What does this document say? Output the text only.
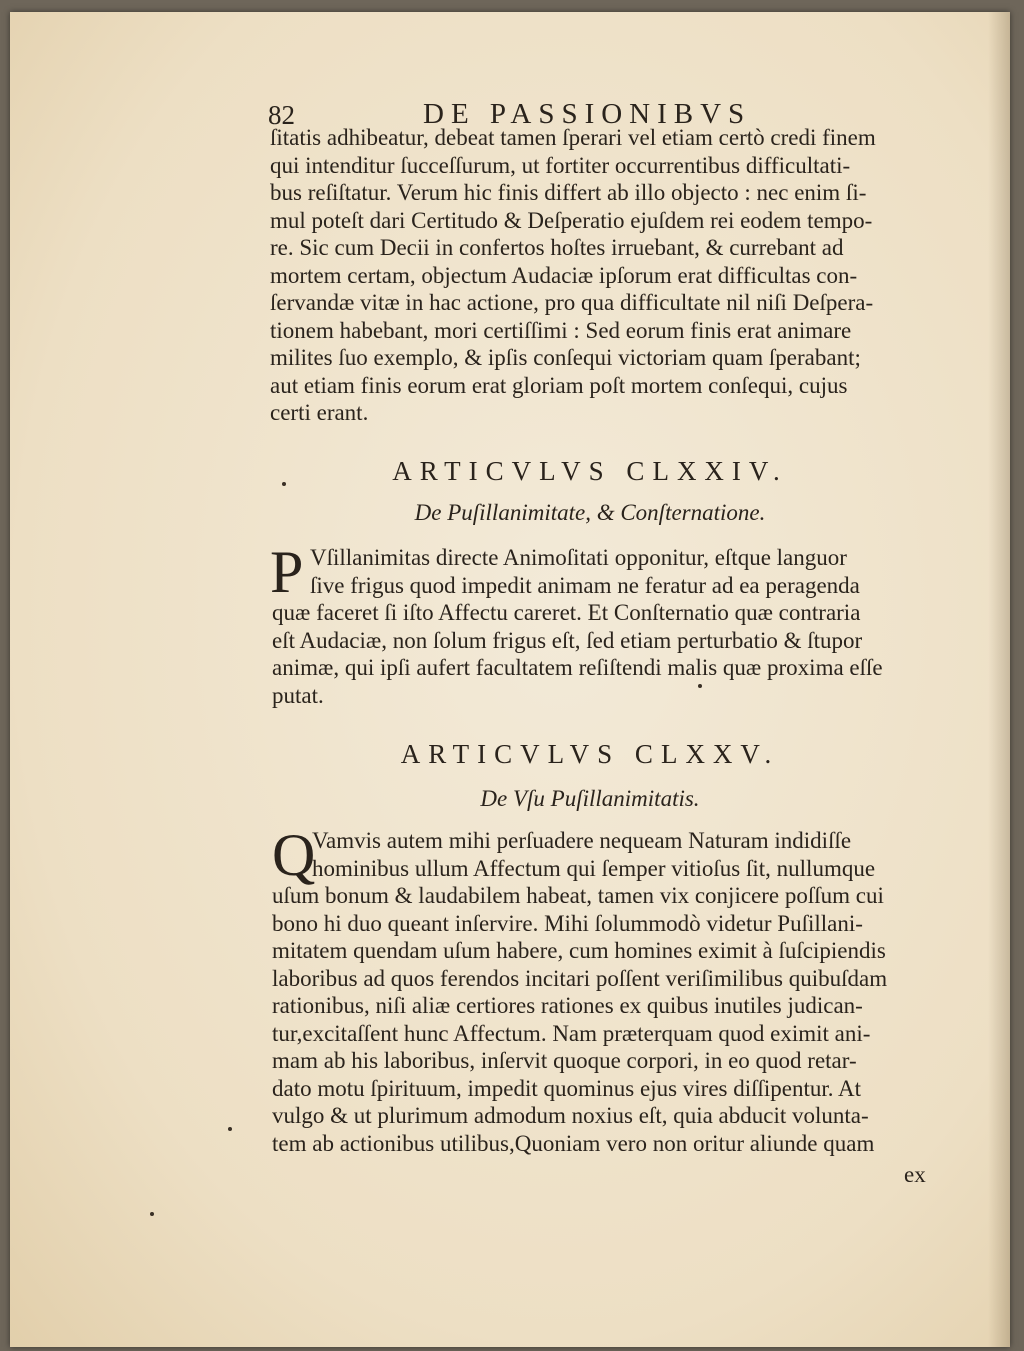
82	DE PASSIONIBVS
ſitatis adhibeatur, debeat tamen ſperari vel etiam certò credi finem
qui intenditur ſucceſſurum, ut fortiter occurrentibus difficultati-
bus reſiſtatur. Verum hic finis differt ab illo objecto : nec enim ſi-
mul poteſt dari Certitudo & Deſperatio ejuſdem rei eodem tempo-
re. Sic cum Decii in confertos hoſtes irruebant, & currebant ad
mortem certam, objectum Audaciæ ipſorum erat difficultas con-
ſervandæ vitæ in hac actione, pro qua difficultate nil niſi Deſpera-
tionem habebant, mori certiſſimi : Sed eorum finis erat animare
milites ſuo exemplo, & ipſis conſequi victoriam quam ſperabant;
aut etiam finis eorum erat gloriam poſt mortem conſequi, cujus
certi erant.
ARTICVLVS CLXXIV.
De Puſillanimitate, & Conſternatione.
P Vſillanimitas directe Animoſitati opponitur, eſtque languor
ſive frigus quod impedit animam ne feratur ad ea peragenda
quæ faceret ſi iſto Affectu careret. Et Conſternatio quæ contraria
eſt Audaciæ, non ſolum frigus eſt, ſed etiam perturbatio & ſtupor
animæ, qui ipſi aufert facultatem reſiſtendi malis quæ proxima eſſe
putat.
ARTICVLVS CLXXV.
De Vſu Puſillanimitatis.
Q
Vamvis autem mihi perſuadere nequeam Naturam indidiſſe
hominibus ullum Affectum qui ſemper vitioſus ſit, nullumque
uſum bonum & laudabilem habeat, tamen vix conjicere poſſum cui
bono hi duo queant inſervire. Mihi ſolummodò videtur Puſillani-
mitatem quendam uſum habere, cum homines eximit à ſuſcipiendis
laboribus ad quos ferendos incitari poſſent veriſimilibus quibuſdam
rationibus, niſi aliæ certiores rationes ex quibus inutiles judican-
tur,excitaſſent hunc Affectum. Nam præterquam quod eximit ani-
mam ab his laboribus, inſervit quoque corpori, in eo quod retar-
dato motu ſpirituum, impedit quominus ejus vires diſſipentur. At
vulgo & ut plurimum admodum noxius eſt, quia abducit volunta-
tem ab actionibus utilibus,Quoniam vero non oritur aliunde quam
ex
